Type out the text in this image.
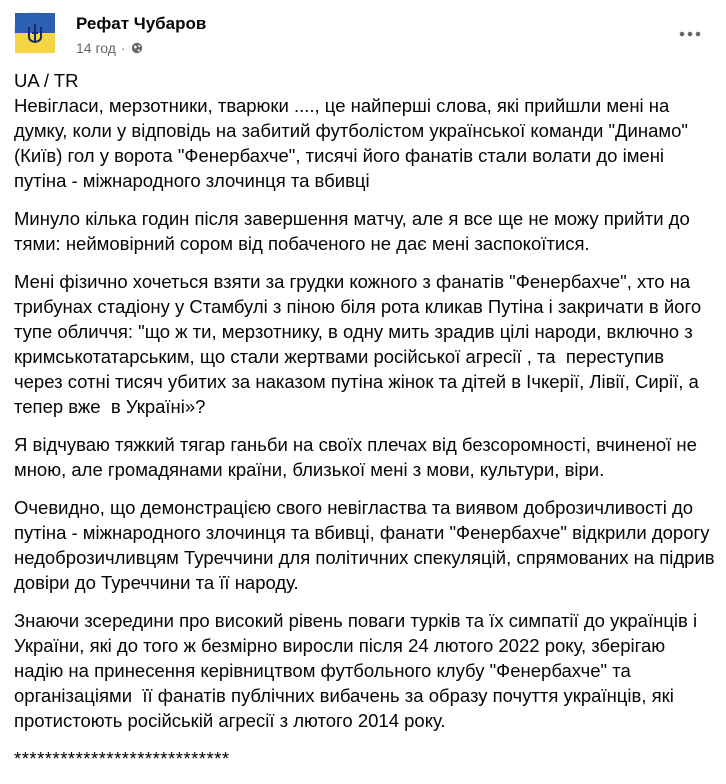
Рефат Чубаров
14 год ·

UA / TR
Невігласи, мерзотники, тварюки ...., це найперші слова, які прийшли мені на думку, коли у відповідь на забитий футболістом української команди "Динамо" (Київ) гол у ворота "Фенербахче", тисячі його фанатів стали волати до імені путіна - міжнародного злочинця та вбивці

Минуло кілька годин після завершення матчу, але я все ще не можу прийти до тями: неймовірний сором від побаченого не дає мені заспокоїтися.

Мені фізично хочеться взяти за грудки кожного з фанатів "Фенербахче", хто на трибунах стадіону у Стамбулі з піною біля рота кликав Путіна і закричати в його тупе обличчя: "що ж ти, мерзотнику, в одну мить зрадив цілі народи, включно з кримськотатарським, що стали жертвами російської агресії , та  переступив через сотні тисяч убитих за наказом путіна жінок та дітей в Ічкерії, Лівії, Сирії, а тепер вже  в Україні»?

Я відчуваю тяжкий тягар ганьби на своїх плечах від безсоромності, вчиненої не мною, але громадянами країни, близької мені з мови, культури, віри.

Очевидно, що демонстрацією свого невігластва та виявом доброзичливості до путіна - міжнародного злочинця та вбивці, фанати "Фенербахче" відкрили дорогу   недоброзичливцям Туреччини для політичних спекуляцій, спрямованих на підрив  довіри до Туреччини та її народу.

Знаючи зсередини про високий рівень поваги турків та їх симпатії до українців і України, які до того ж безмірно виросли після 24 лютого 2022 року, зберігаю надію на принесення керівництвом футбольного клубу "Фенербахче" та організаціями  її фанатів публічних вибачень за образу почуття українців, які протистоють російській агресії з лютого 2014 року.

****************************
